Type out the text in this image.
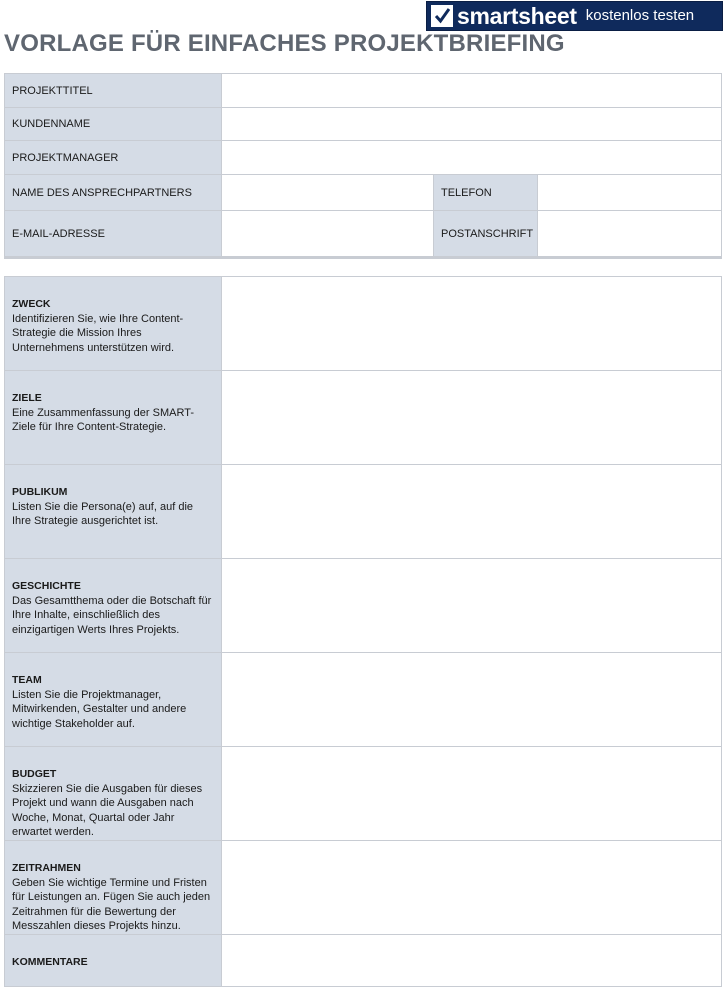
smartsheet kostenlos testen
VORLAGE FÜR EINFACHES PROJEKTBRIEFING
PROJEKTTITEL			
KUNDENNAME			
PROJEKTMANAGER			
NAME DES ANSPRECHPARTNERS		TELEFON	
E-MAIL-ADRESSE		POSTANSCHRIFT	
ZWECK
Identifizieren Sie, wie Ihre Content-Strategie die Mission Ihres Unternehmens unterstützen wird.	

ZIELE
Eine Zusammenfassung der SMART-Ziele für Ihre Content-Strategie.	

PUBLIKUM
Listen Sie die Persona(e) auf, auf die Ihre Strategie ausgerichtet ist.	

GESCHICHTE
Das Gesamtthema oder die Botschaft für Ihre Inhalte, einschließlich des einzigartigen Werts Ihres Projekts.	

TEAM
Listen Sie die Projektmanager, Mitwirkenden, Gestalter und andere wichtige Stakeholder auf.	

BUDGET
Skizzieren Sie die Ausgaben für dieses Projekt und wann die Ausgaben nach Woche, Monat, Quartal oder Jahr erwartet werden.	

ZEITRAHMEN
Geben Sie wichtige Termine und Fristen für Leistungen an. Fügen Sie auch jeden Zeitrahmen für die Bewertung der Messzahlen dieses Projekts hinzu.	

KOMMENTARE	
